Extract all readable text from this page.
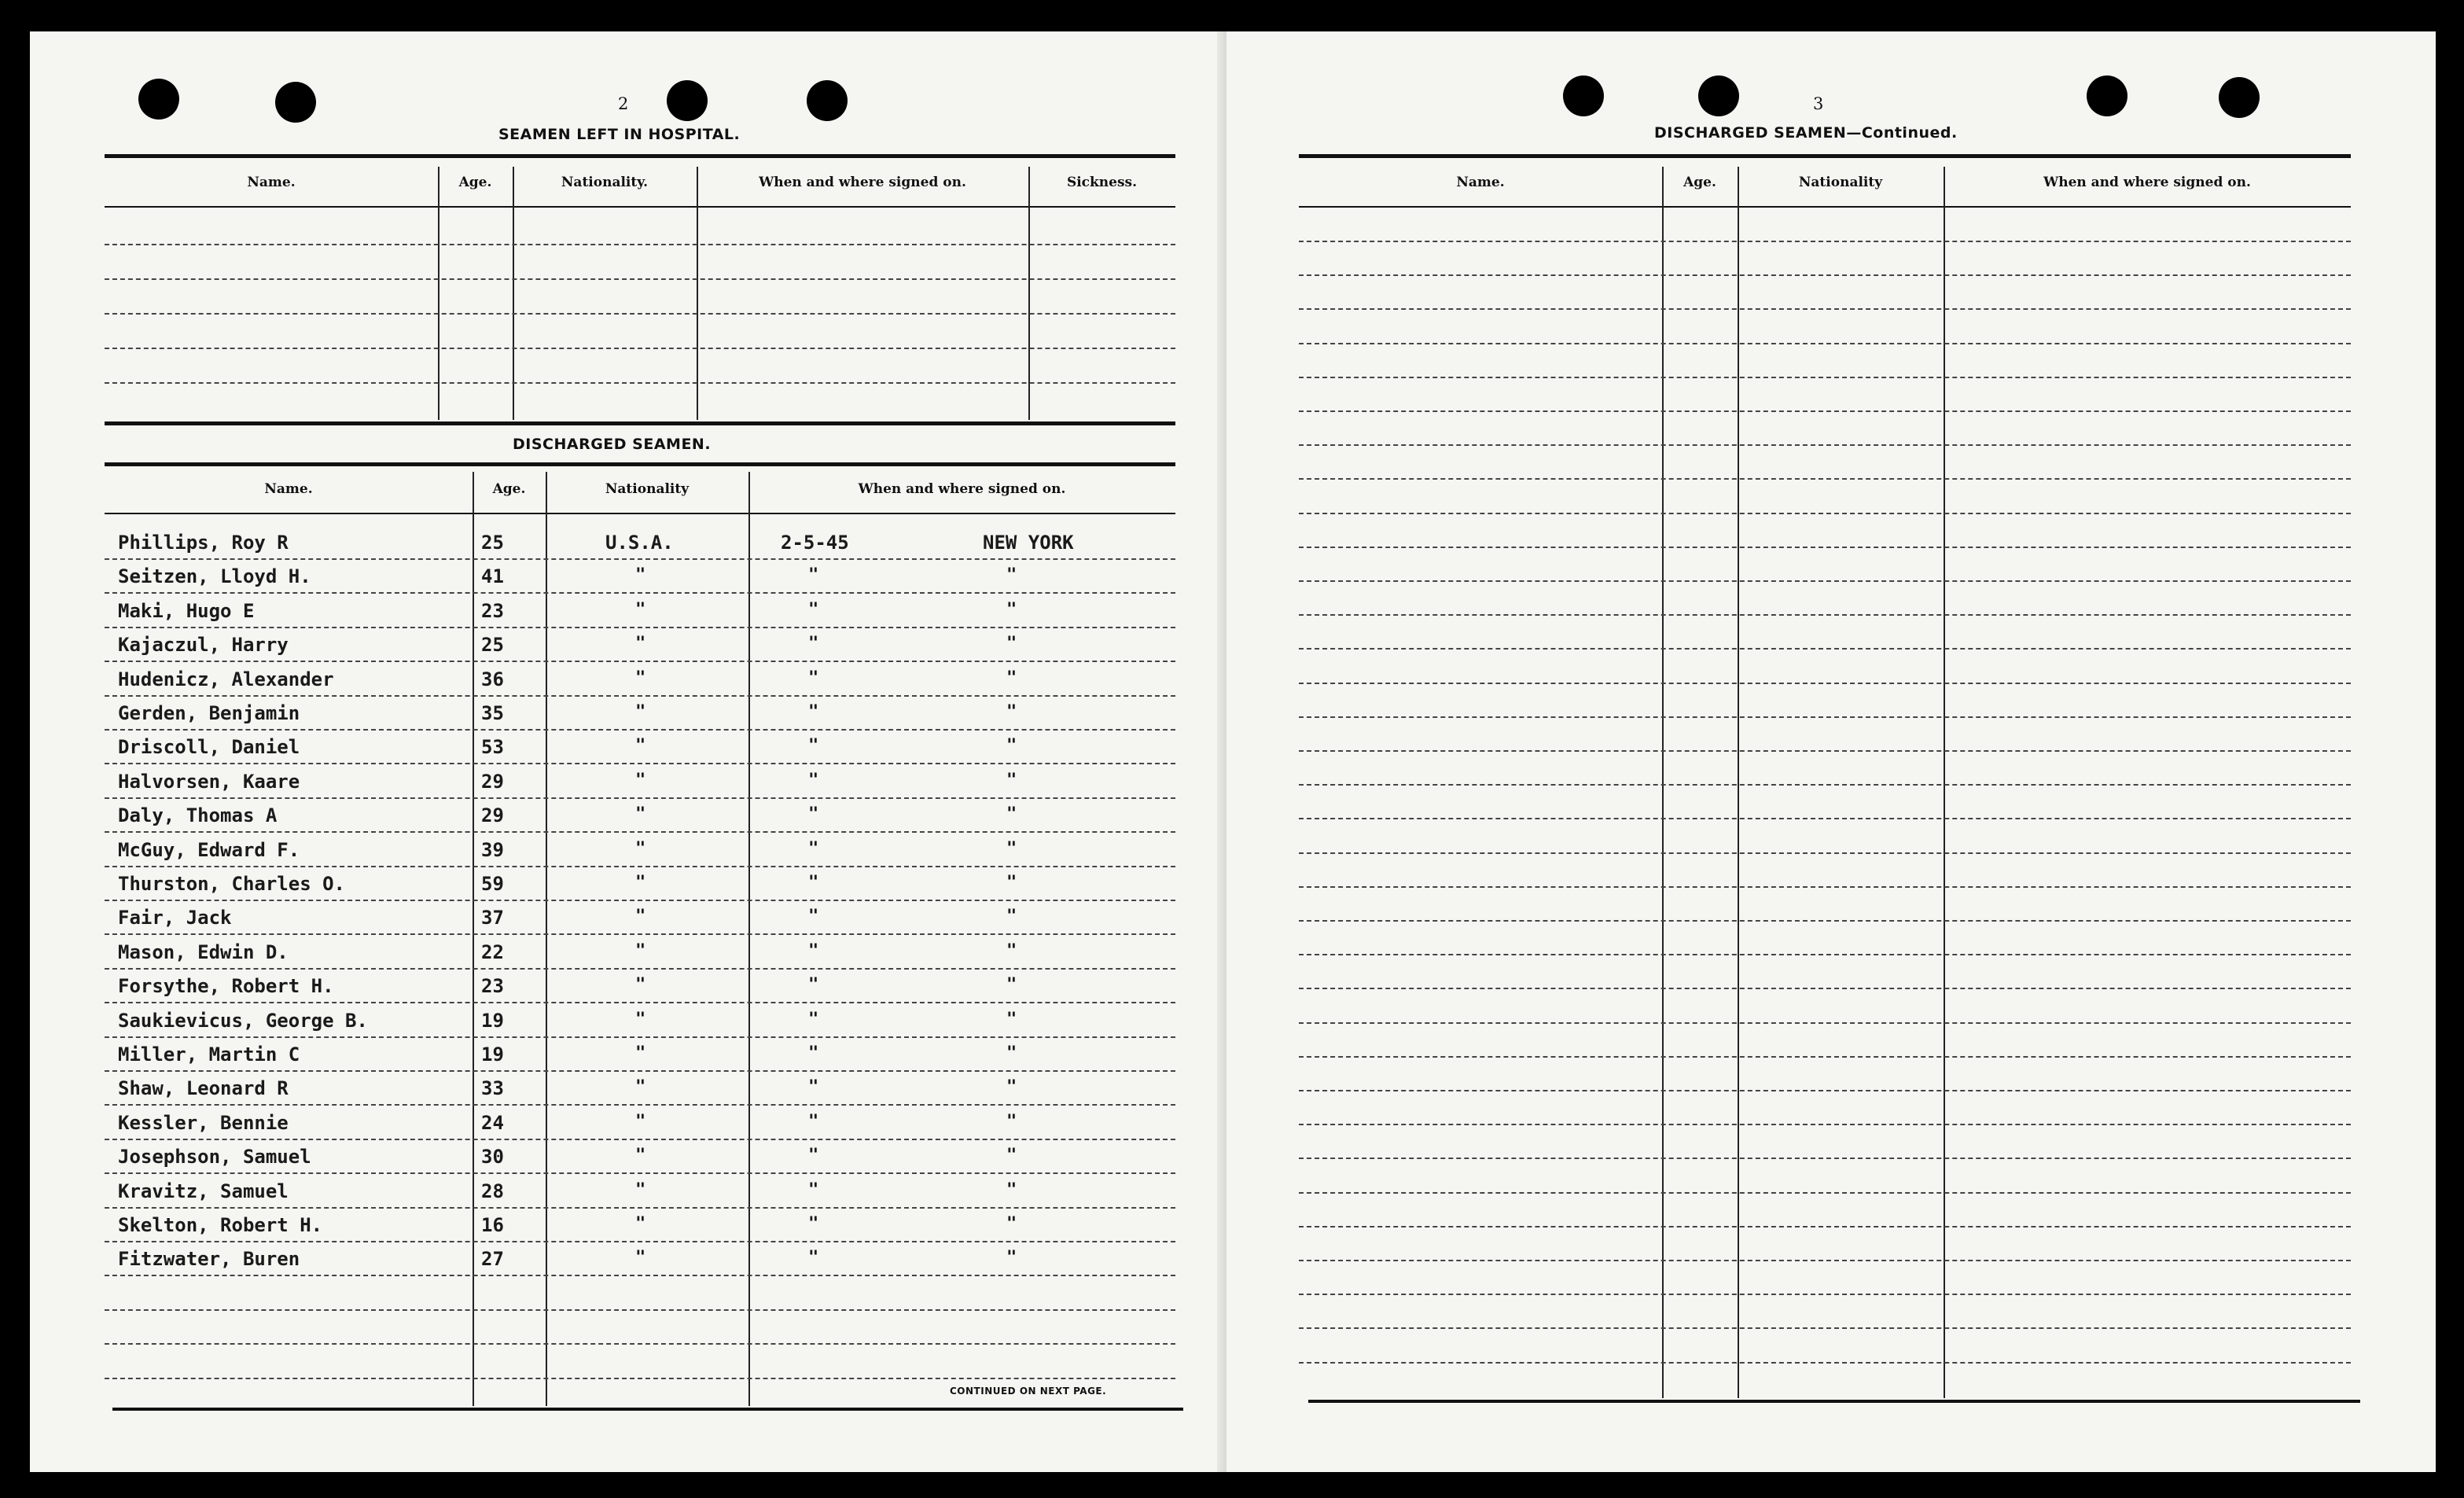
2
SEAMEN LEFT IN HOSPITAL.
Name.	Age.	Nationality.	When and where signed on.	Sickness.
DISCHARGED SEAMEN.
Name.	Age.	Nationality	When and where signed on.
Phillips, Roy R	25	U.S.A.	2-5-45	NEW YORK
Seitzen, Lloyd H.	41	"	"	"
Maki, Hugo E	23	"	"	"
Kajaczul, Harry	25	"	"	"
Hudenicz, Alexander	36	"	"	"
Gerden, Benjamin	35	"	"	"
Driscoll, Daniel	53	"	"	"
Halvorsen, Kaare	29	"	"	"
Daly, Thomas A	29	"	"	"
McGuy, Edward F.	39	"	"	"
Thurston, Charles O.	59	"	"	"
Fair, Jack	37	"	"	"
Mason, Edwin D.	22	"	"	"
Forsythe, Robert H.	23	"	"	"
Saukievicus, George B.	19	"	"	"
Miller, Martin C	19	"	"	"
Shaw, Leonard R	33	"	"	"
Kessler, Bennie	24	"	"	"
Josephson, Samuel	30	"	"	"
Kravitz, Samuel	28	"	"	"
Skelton, Robert H.	16	"	"	"
Fitzwater, Buren	27	"	"	"
CONTINUED ON NEXT PAGE.
3
DISCHARGED SEAMEN—Continued.
Name.	Age.	Nationality	When and where signed on.
